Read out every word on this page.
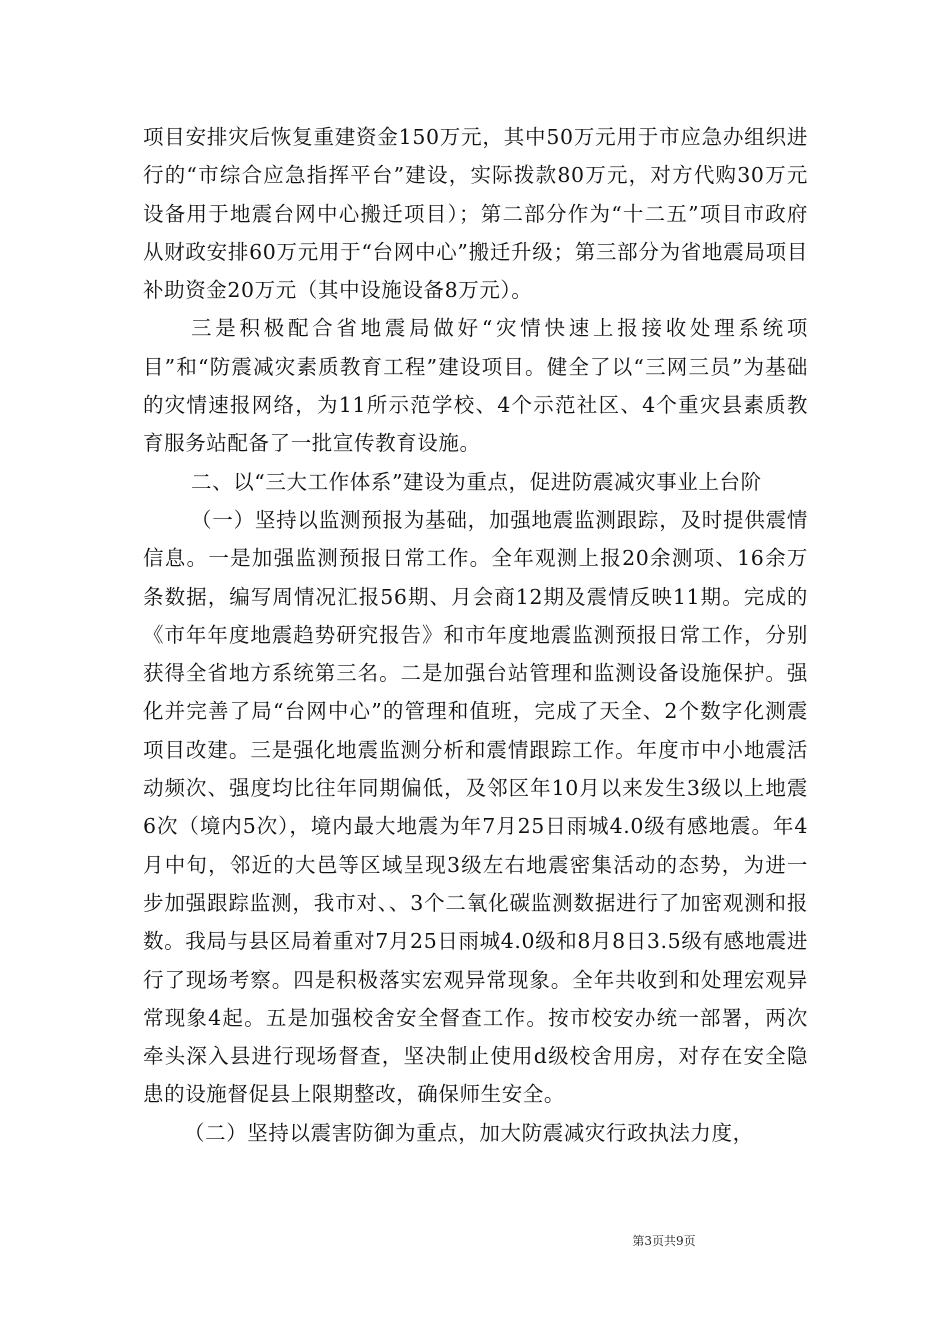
项目安排灾后恢复重建资金150万元，其中50万元用于市应急办组织进行的“市综合应急指挥平台”建设，实际拨款80万元，对方代购30万元设备用于地震台网中心搬迁项目）；第二部分作为“十二五”项目市政府从财政安排60万元用于“台网中心”搬迁升级；第三部分为省地震局项目补助资金20万元（其中设施设备8万元）。

三是积极配合省地震局做好“灾情快速上报接收处理系统项目”和“防震减灾素质教育工程”建设项目。健全了以“三网三员”为基础的灾情速报网络，为11所示范学校、4个示范社区、4个重灾县素质教育服务站配备了一批宣传教育设施。

二、以“三大工作体系”建设为重点，促进防震减灾事业上台阶

（一）坚持以监测预报为基础，加强地震监测跟踪，及时提供震情信息。一是加强监测预报日常工作。全年观测上报20余测项、16余万条数据，编写周情况汇报56期、月会商12期及震情反映11期。完成的《市年年度地震趋势研究报告》和市年度地震监测预报日常工作，分别获得全省地方系统第三名。二是加强台站管理和监测设备设施保护。强化并完善了局“台网中心”的管理和值班，完成了天全、2个数字化测震项目改建。三是强化地震监测分析和震情跟踪工作。年度市中小地震活动频次、强度均比往年同期偏低，及邻区年10月以来发生3级以上地震6次（境内5次），境内最大地震为年7月25日雨城4.0级有感地震。年4月中旬，邻近的大邑等区域呈现3级左右地震密集活动的态势，为进一步加强跟踪监测，我市对、、3个二氧化碳监测数据进行了加密观测和报数。我局与县区局着重对7月25日雨城4.0级和8月8日3.5级有感地震进行了现场考察。四是积极落实宏观异常现象。全年共收到和处理宏观异常现象4起。五是加强校舍安全督查工作。按市校安办统一部署，两次牵头深入县进行现场督查，坚决制止使用d级校舍用房，对存在安全隐患的设施督促县上限期整改，确保师生安全。

（二）坚持以震害防御为重点，加大防震减灾行政执法力度，

第3页共9页
